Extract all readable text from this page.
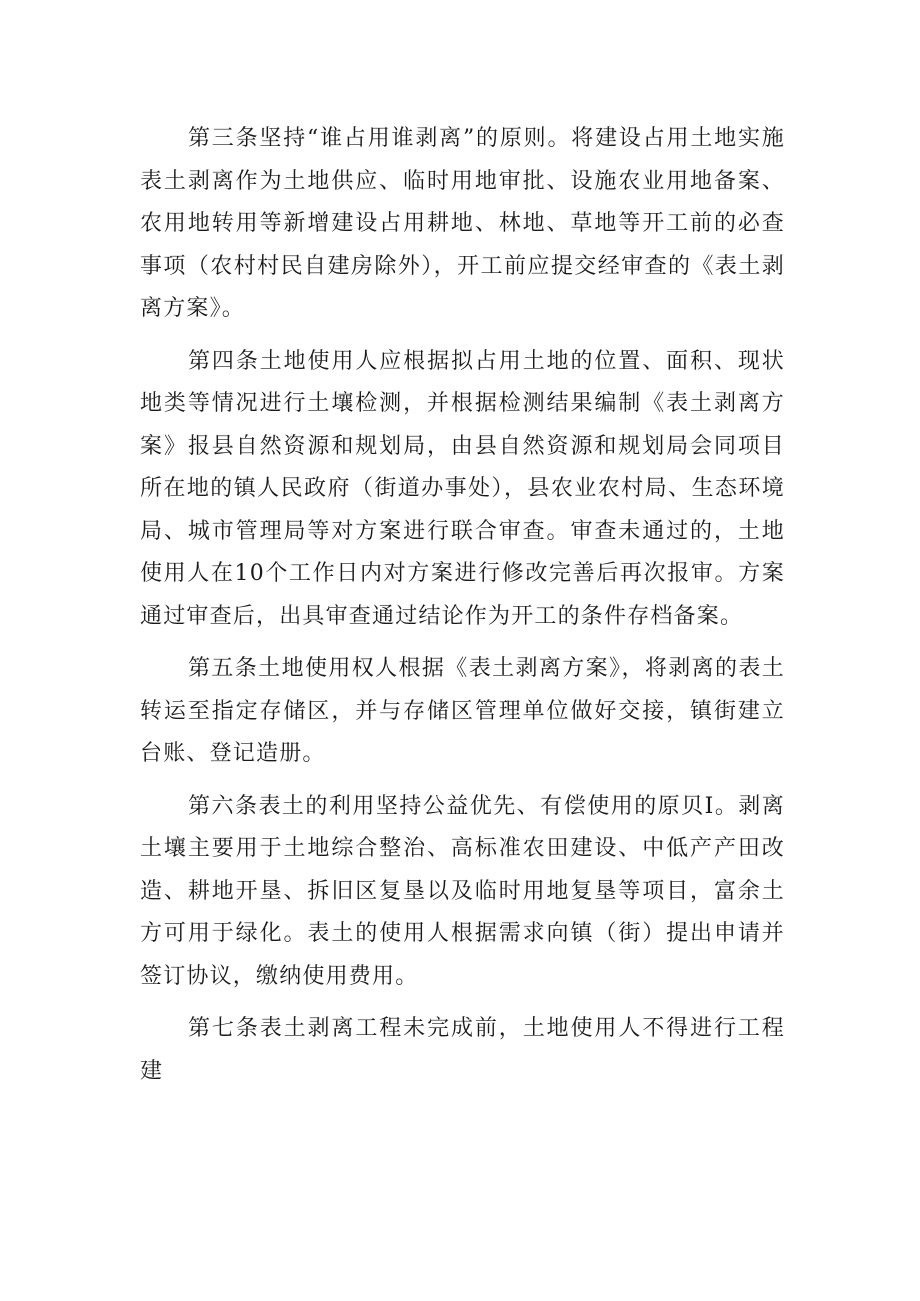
第三条坚持“谁占用谁剥离”的原则。将建设占用土地实施表土剥离作为土地供应、临时用地审批、设施农业用地备案、农用地转用等新增建设占用耕地、林地、草地等开工前的必查事项（农村村民自建房除外），开工前应提交经审查的《表土剥离方案》。

第四条土地使用人应根据拟占用土地的位置、面积、现状地类等情况进行土壤检测，并根据检测结果编制《表土剥离方案》报县自然资源和规划局，由县自然资源和规划局会同项目所在地的镇人民政府（街道办事处），县农业农村局、生态环境局、城市管理局等对方案进行联合审查。审查未通过的，土地使用人在10个工作日内对方案进行修改完善后再次报审。方案通过审查后，出具审查通过结论作为开工的条件存档备案。

第五条土地使用权人根据《表土剥离方案》，将剥离的表土转运至指定存储区，并与存储区管理单位做好交接，镇街建立台账、登记造册。

第六条表土的利用坚持公益优先、有偿使用的原贝I。剥离土壤主要用于土地综合整治、高标准农田建设、中低产产田改造、耕地开垦、拆旧区复垦以及临时用地复垦等项目，富余土方可用于绿化。表土的使用人根据需求向镇（街）提出申请并签订协议，缴纳使用费用。

第七条表土剥离工程未完成前，土地使用人不得进行工程建
